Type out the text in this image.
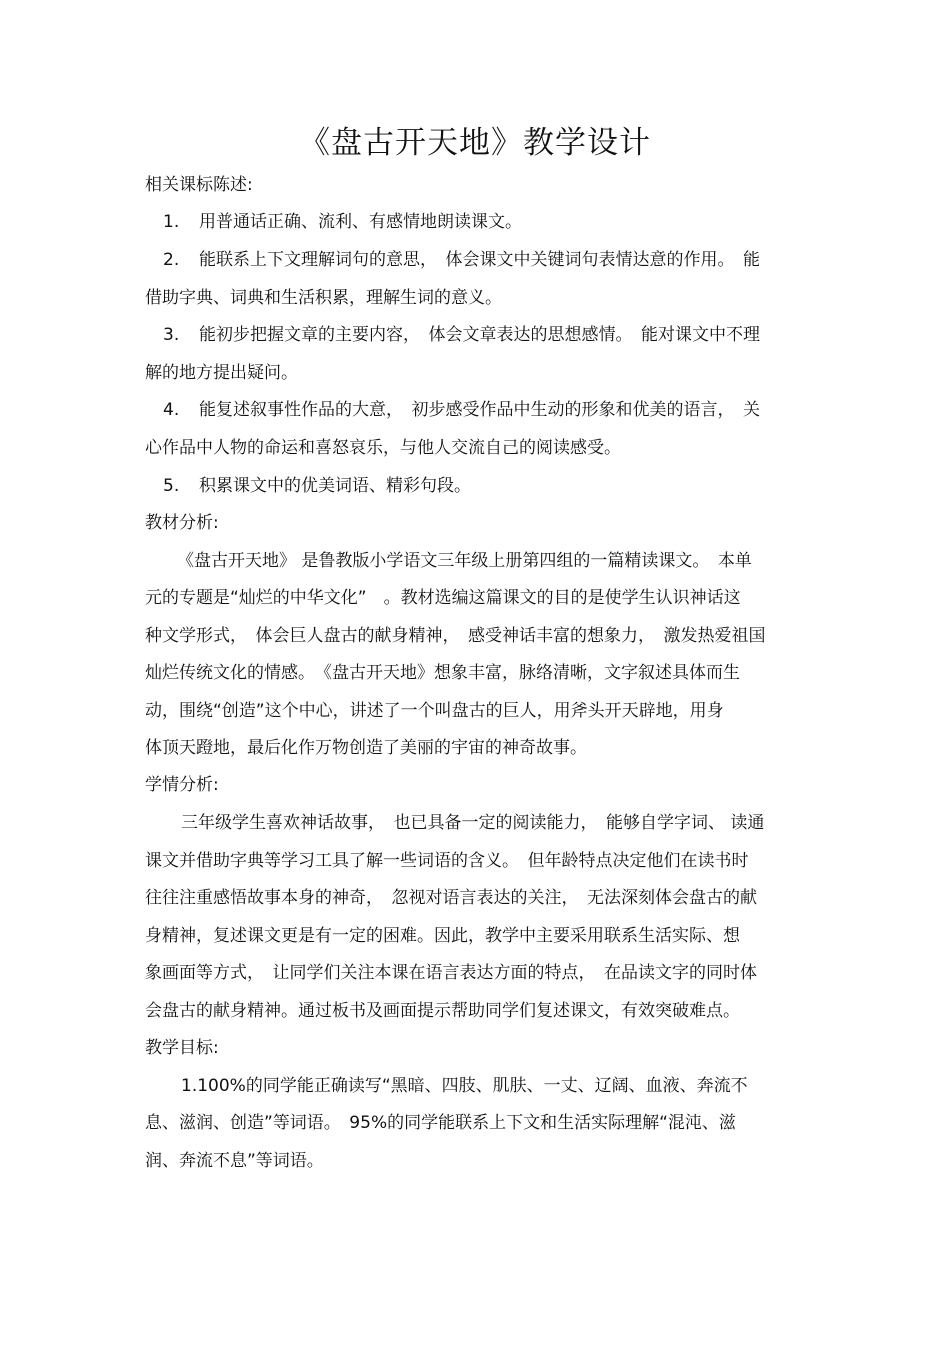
《盘古开天地》教学设计

相关课标陈述:

1. 用普通话正确、流利、有感情地朗读课文。

2. 能联系上下文理解词句的意思，　体会课文中关键词句表情达意的作用。　能

借助字典、词典和生活积累，理解生词的意义。

3. 能初步把握文章的主要内容，　体会文章表达的思想感情。　能对课文中不理

解的地方提出疑问。

4. 能复述叙事性作品的大意，　初步感受作品中生动的形象和优美的语言，　关

心作品中人物的命运和喜怒哀乐，与他人交流自己的阅读感受。

5. 积累课文中的优美词语、精彩句段。

教材分析:

《盘古开天地》 是鲁教版小学语文三年级上册第四组的一篇精读课文。　本单

元的专题是“灿烂的中华文化”　。教材选编这篇课文的目的是使学生认识神话这

种文学形式，　体会巨人盘古的献身精神，　感受神话丰富的想象力，　激发热爱祖国

灿烂传统文化的情感。　《盘古开天地》想象丰富，脉络清晰，文字叙述具体而生

动，围绕“创造”这个中心，讲述了一个叫盘古的巨人，用斧头开天辟地，用身

体顶天蹬地，最后化作万物创造了美丽的宇宙的神奇故事。

学情分析:

三年级学生喜欢神话故事，　也已具备一定的阅读能力，　能够自学字词、 读通

课文并借助字典等学习工具了解一些词语的含义。　但年龄特点决定他们在读书时

往往注重感悟故事本身的神奇，　忽视对语言表达的关注，　无法深刻体会盘古的献

身精神，复述课文更是有一定的困难。因此，教学中主要采用联系生活实际、想

象画面等方式，　让同学们关注本课在语言表达方面的特点，　在品读文字的同时体

会盘古的献身精神。通过板书及画面提示帮助同学们复述课文，有效突破难点。

教学目标:

1.100%的同学能正确读写“黑暗、四肢、肌肤、一丈、辽阔、血液、奔流不

息、滋润、创造”等词语。　95%的同学能联系上下文和生活实际理解“混沌、滋

润、奔流不息”等词语。
